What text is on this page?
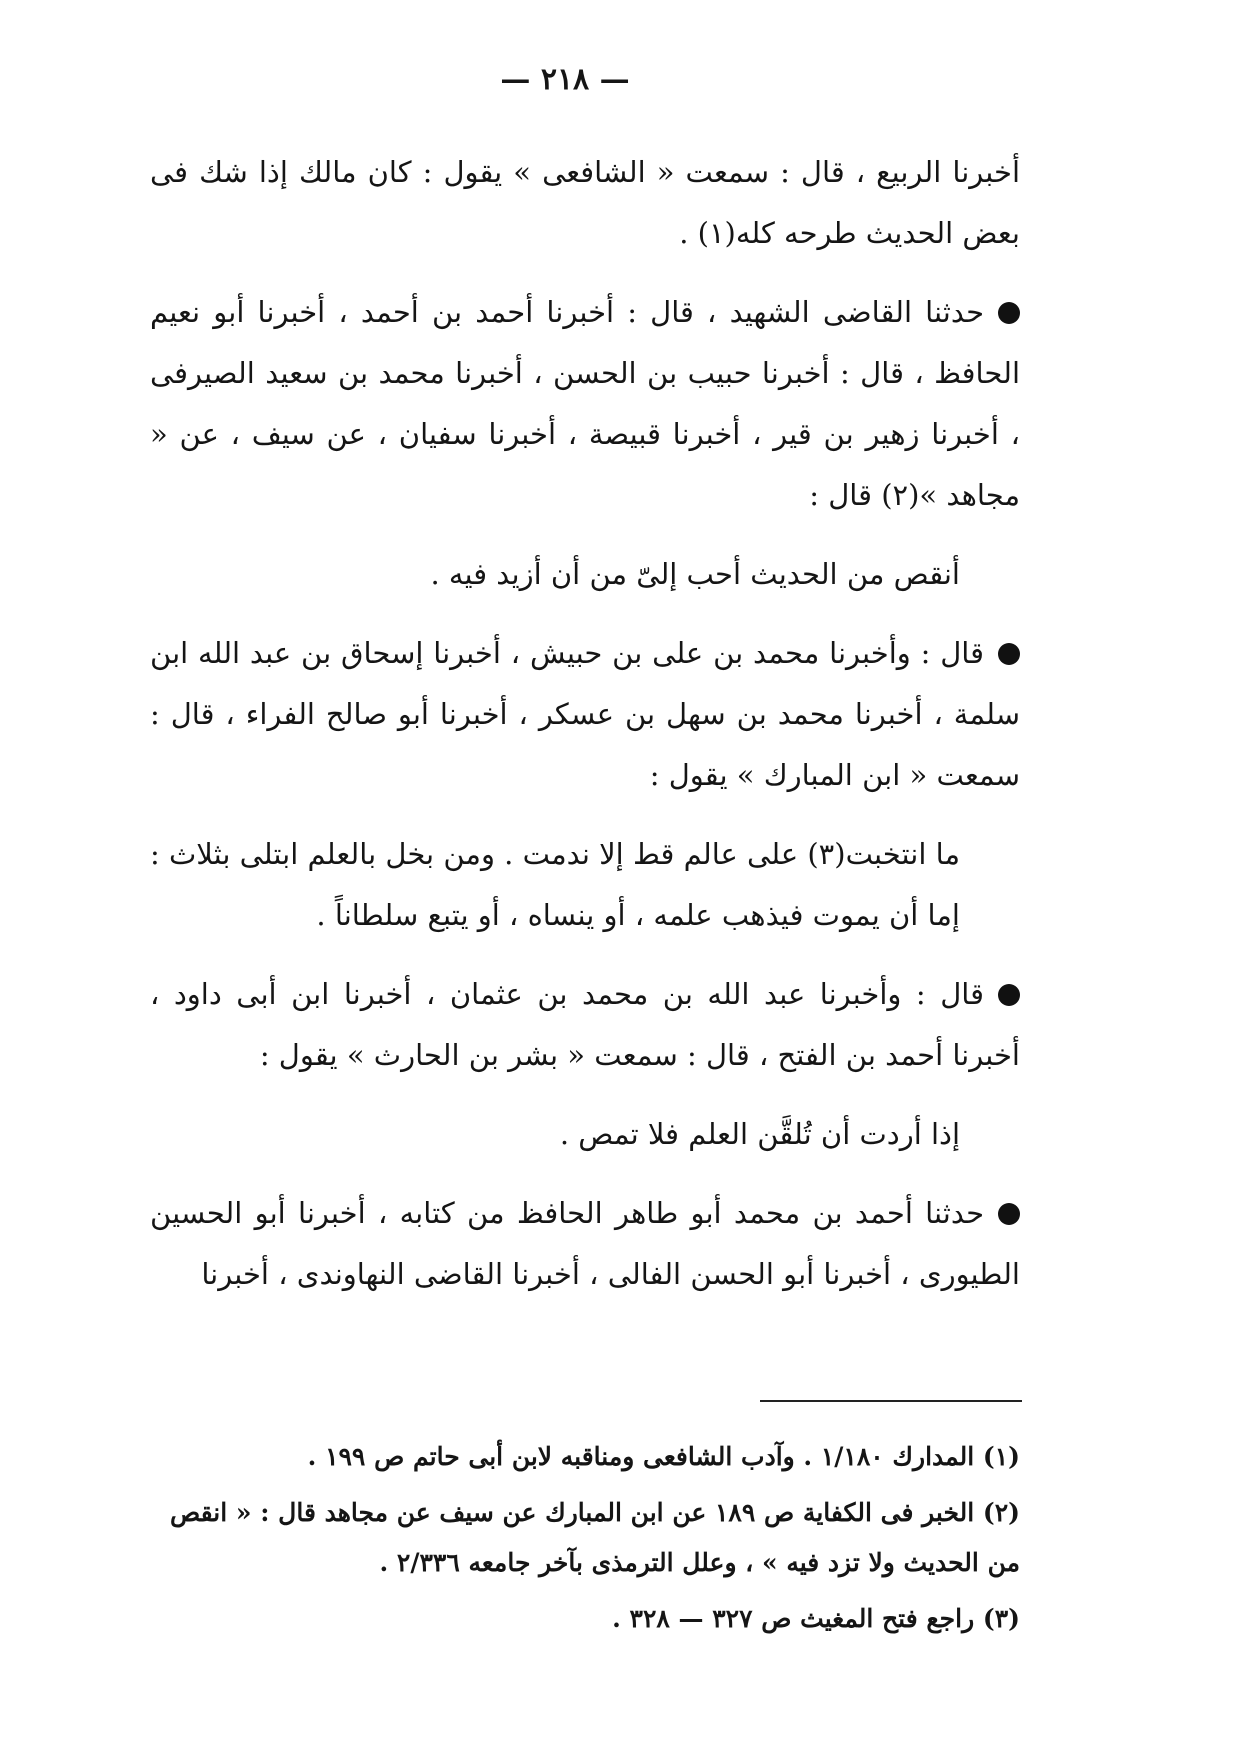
— ٢١٨ —

أخبرنا الربيع ، قال : سمعت « الشافعى » يقول : كان مالك إذا شك فى بعض الحديث طرحه كله(١) .

حدثنا القاضى الشهيد ، قال : أخبرنا أحمد بن أحمد ، أخبرنا أبو نعيم الحافظ ، قال : أخبرنا حبيب بن الحسن ، أخبرنا محمد بن سعيد الصيرفى ، أخبرنا زهير بن قير ، أخبرنا قبيصة ، أخبرنا سفيان ، عن سيف ، عن « مجاهد »(٢) قال :

أنقص من الحديث أحب إلىّ من أن أزيد فيه .

قال : وأخبرنا محمد بن على بن حبيش ، أخبرنا إسحاق بن عبد الله ابن سلمة ، أخبرنا محمد بن سهل بن عسكر ، أخبرنا أبو صالح الفراء ، قال : سمعت « ابن المبارك » يقول :

ما انتخبت(٣) على عالم قط إلا ندمت . ومن بخل بالعلم ابتلى بثلاث : إما أن يموت فيذهب علمه ، أو ينساه ، أو يتبع سلطاناً .

قال : وأخبرنا عبد الله بن محمد بن عثمان ، أخبرنا ابن أبى داود ، أخبرنا أحمد بن الفتح ، قال : سمعت « بشر بن الحارث » يقول :

إذا أردت أن تُلقَّن العلم فلا تمص .

حدثنا أحمد بن محمد أبو طاهر الحافظ من كتابه ، أخبرنا أبو الحسين الطيورى ، أخبرنا أبو الحسن الفالى ، أخبرنا القاضى النهاوندى ، أخبرنا

(١) المدارك ١/١٨٠ . وآدب الشافعى ومناقبه لابن أبى حاتم ص ١٩٩ .

(٢) الخبر فى الكفاية ص ١٨٩ عن ابن المبارك عن سيف عن مجاهد قال : « انقص من الحديث ولا تزد فيه » ، وعلل الترمذى بآخر جامعه ٢/٣٣٦ .

(٣) راجع فتح المغيث ص ٣٢٧ — ٣٢٨ .
